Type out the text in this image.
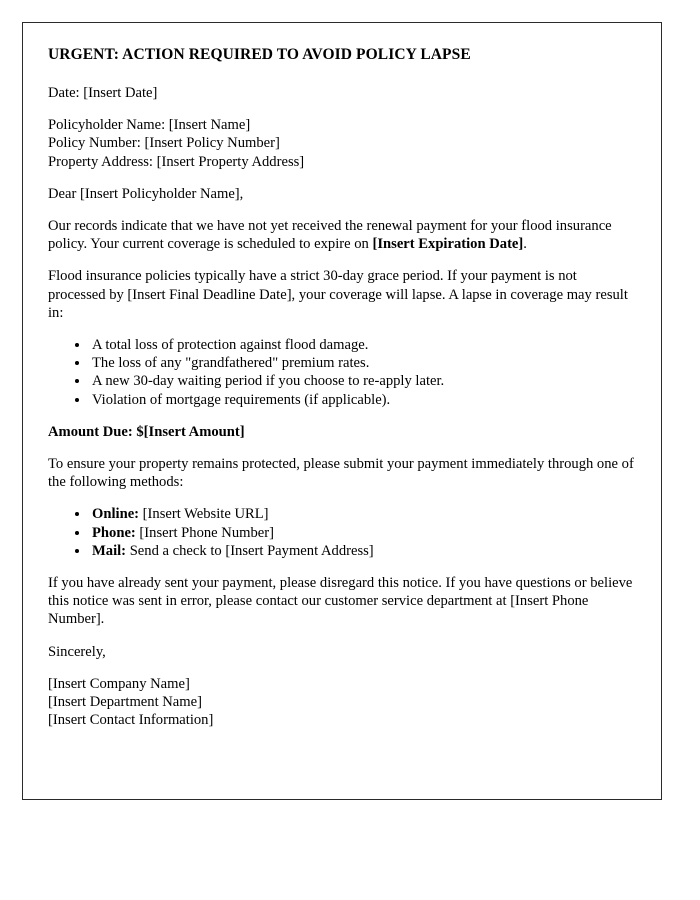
URGENT: ACTION REQUIRED TO AVOID POLICY LAPSE

Date: [Insert Date]

Policyholder Name: [Insert Name]
Policy Number: [Insert Policy Number]
Property Address: [Insert Property Address]

Dear [Insert Policyholder Name],

Our records indicate that we have not yet received the renewal payment for your flood insurance policy. Your current coverage is scheduled to expire on [Insert Expiration Date].

Flood insurance policies typically have a strict 30-day grace period. If your payment is not processed by [Insert Final Deadline Date], your coverage will lapse. A lapse in coverage may result in:

• A total loss of protection against flood damage.
• The loss of any "grandfathered" premium rates.
• A new 30-day waiting period if you choose to re-apply later.
• Violation of mortgage requirements (if applicable).

Amount Due: $[Insert Amount]

To ensure your property remains protected, please submit your payment immediately through one of the following methods:

• Online: [Insert Website URL]
• Phone: [Insert Phone Number]
• Mail: Send a check to [Insert Payment Address]

If you have already sent your payment, please disregard this notice. If you have questions or believe this notice was sent in error, please contact our customer service department at [Insert Phone Number].

Sincerely,

[Insert Company Name]
[Insert Department Name]
[Insert Contact Information]
